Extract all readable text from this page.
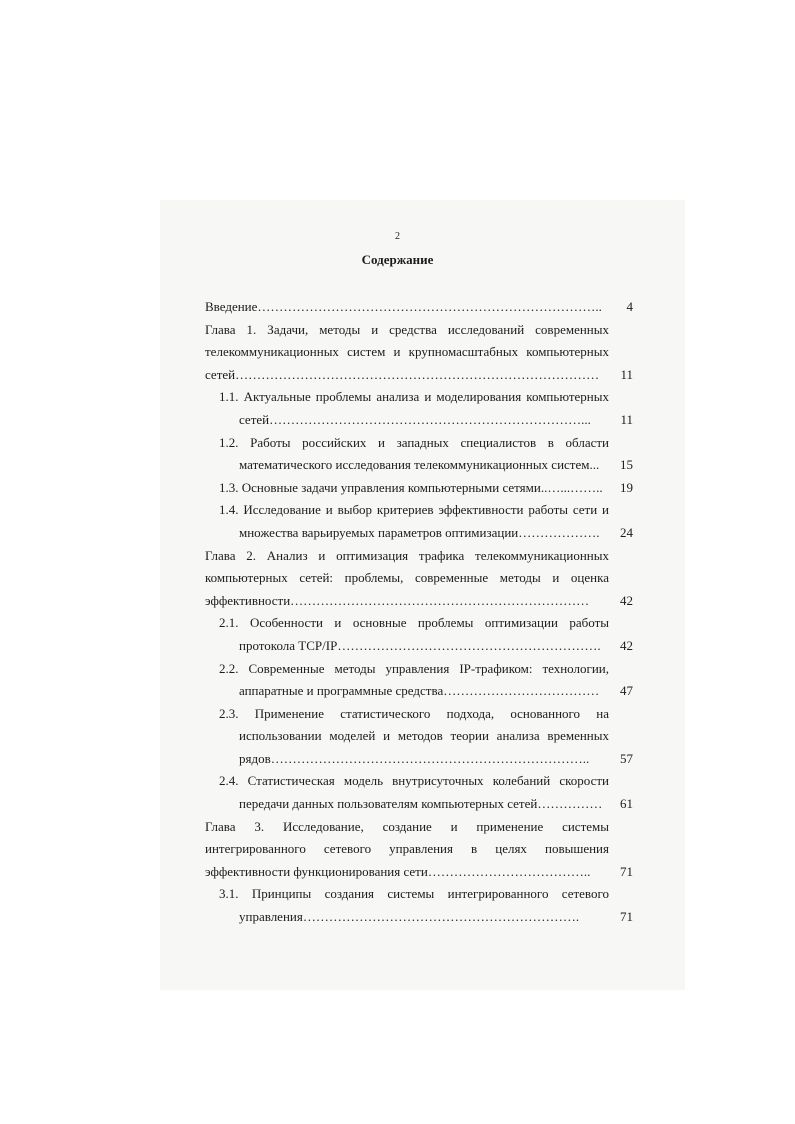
2
Содержание
Введение……………………………………………………………………..	4
Глава 1. Задачи, методы и средства исследований современных телекоммуникационных систем и крупномасштабных компьютерных сетей…………………………………………………………………………	11
1.1. Актуальные проблемы анализа и моделирования компьютерных сетей………………………………………………………………...	11
1.2. Работы российских и западных специалистов в области математического исследования телекоммуникационных систем...	15
1.3. Основные задачи управления компьютерными сетями..…...……..	19
1.4. Исследование и выбор критериев эффективности работы сети и множества варьируемых параметров оптимизации……………….	24
Глава 2. Анализ и оптимизация трафика телекоммуникационных компьютерных сетей: проблемы, современные методы и оценка эффективности……………………………………………………………	42
2.1. Особенности и основные проблемы оптимизации работы протокола TCP/IP…………………………………………………….	42
2.2. Современные методы управления IP-трафиком: технологии, аппаратные и программные средства………………………………	47
2.3. Применение статистического подхода, основанного на использовании моделей и методов теории анализа временных рядов………………………………………………………………..	57
2.4. Статистическая модель внутрисуточных колебаний скорости передачи данных пользователям компьютерных сетей……………	61
Глава 3. Исследование, создание и применение системы интегрированного сетевого управления в целях повышения эффективности функционирования сети………………………………..	71
3.1. Принципы создания системы интегрированного сетевого управления……………………………………………………….	71
